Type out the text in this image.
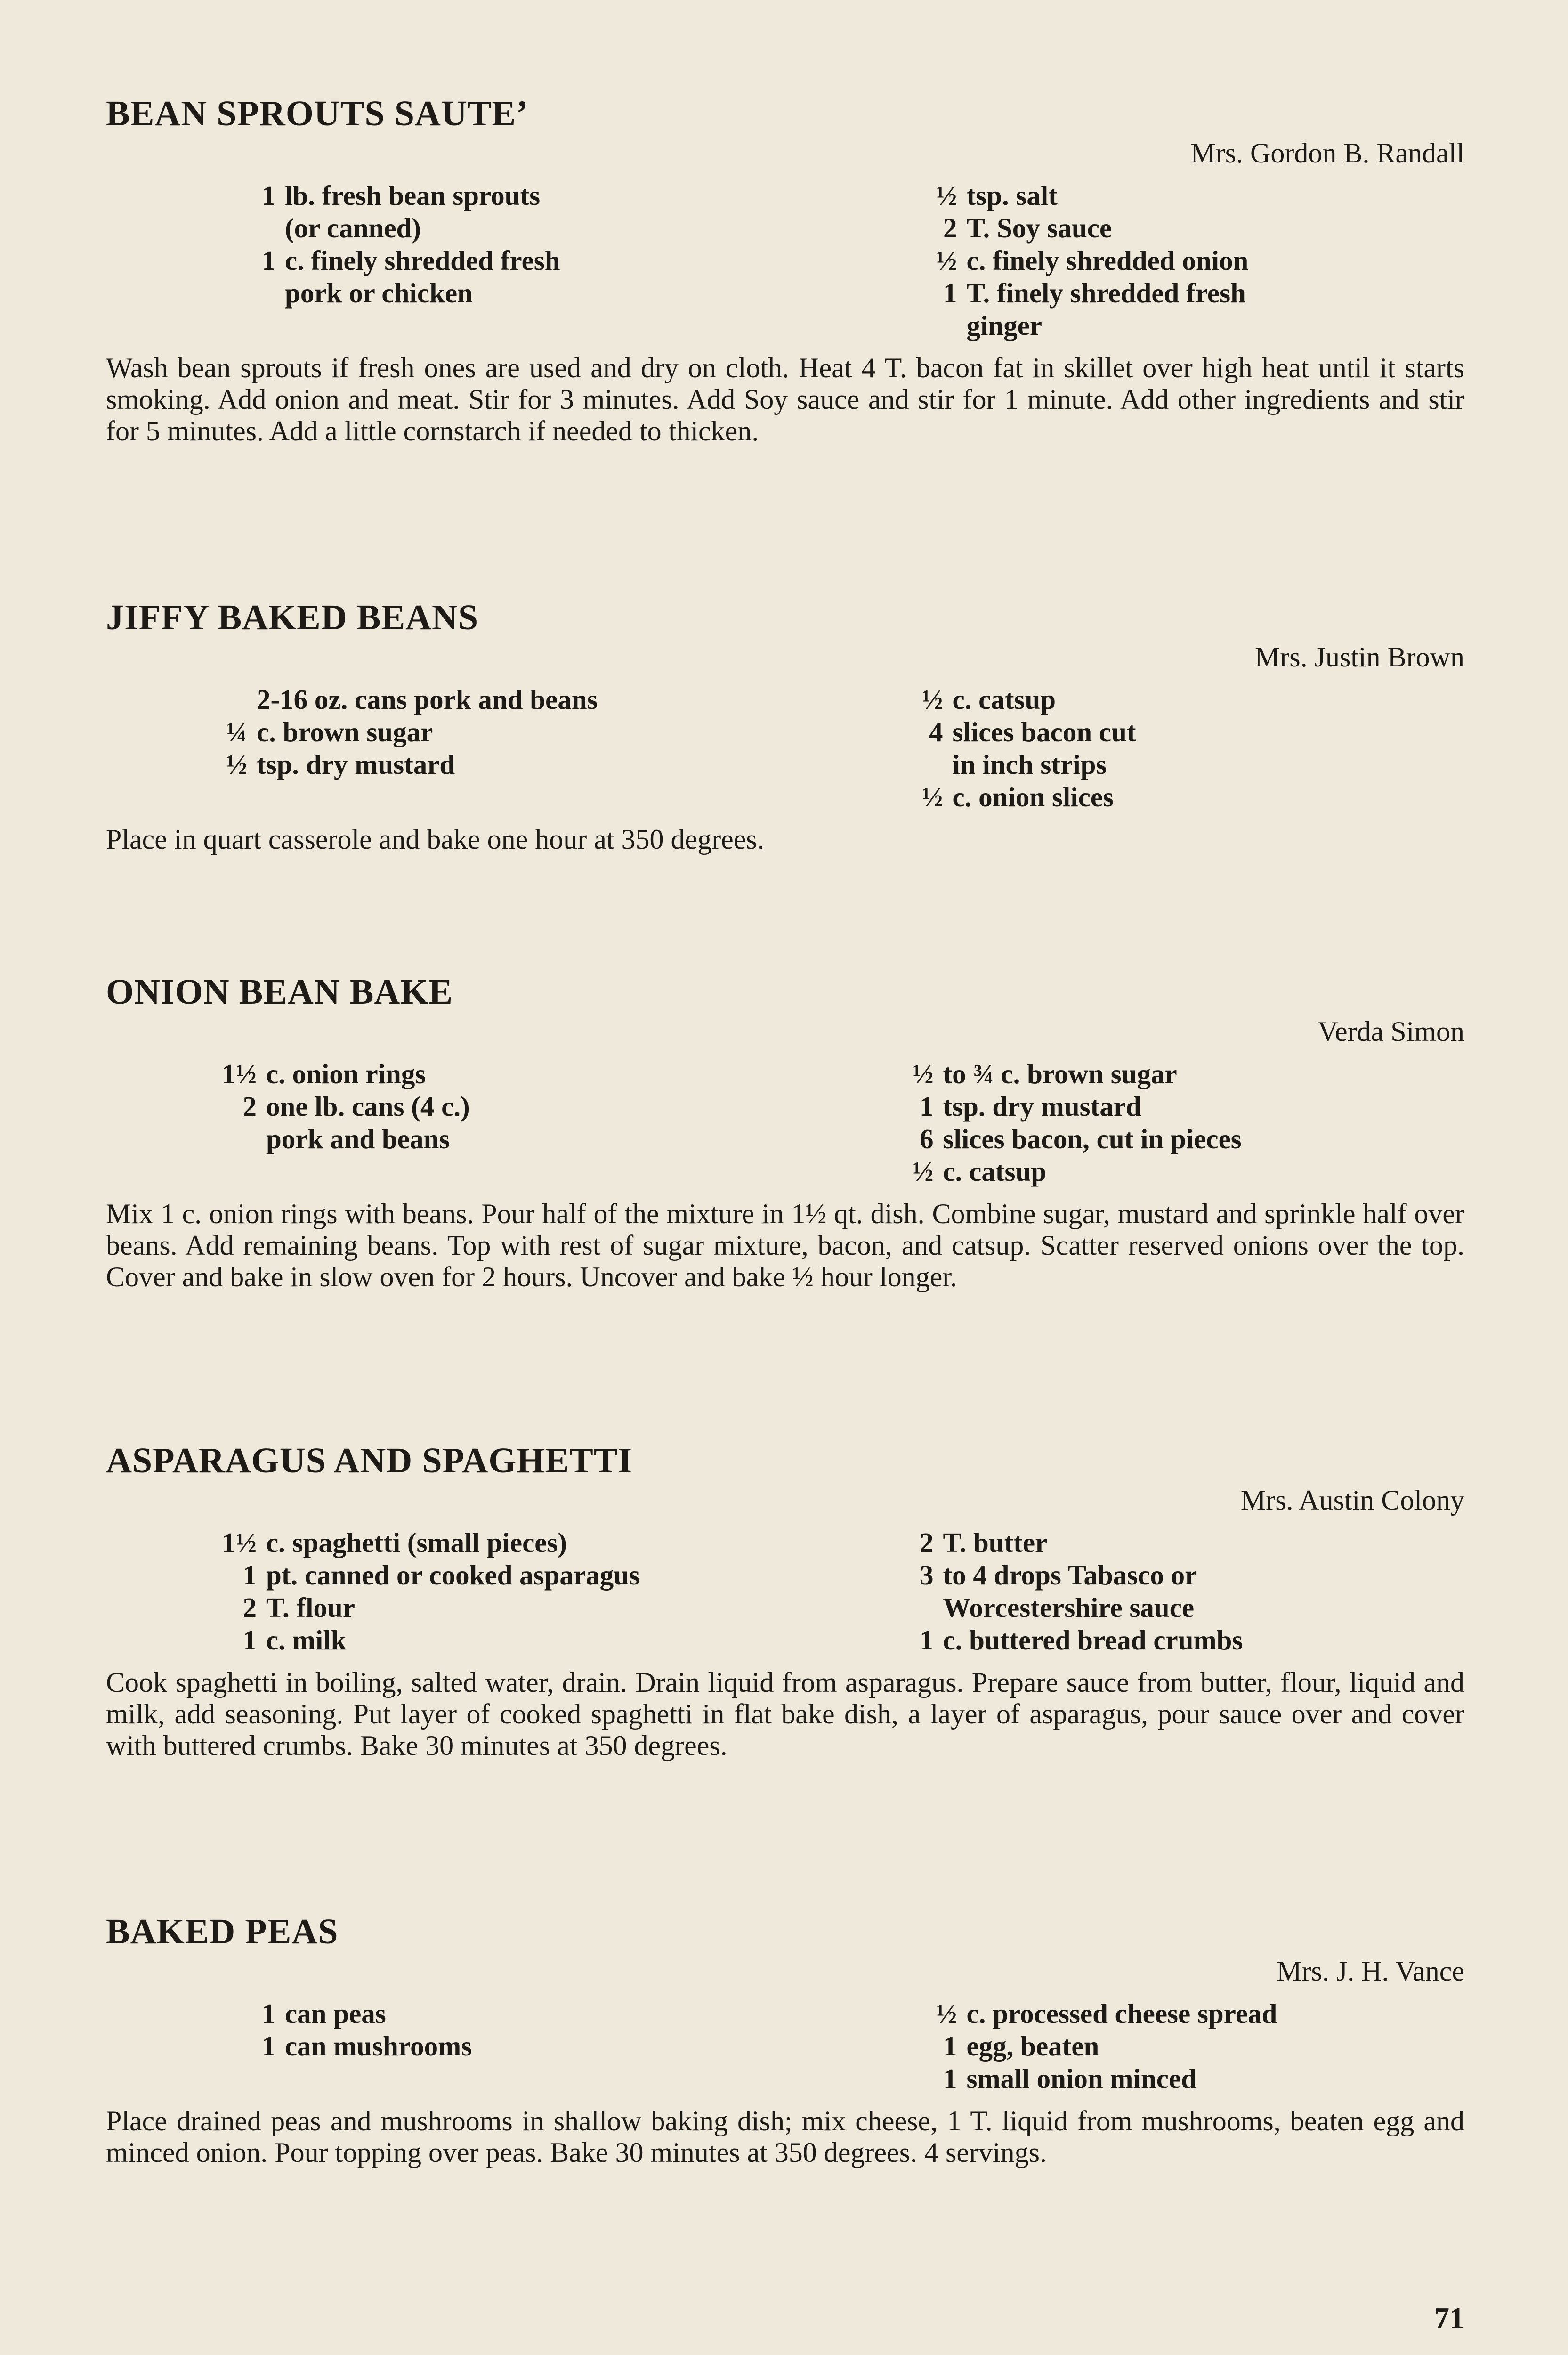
BEAN SPROUTS SAUTE’
Mrs. Gordon B. Randall
1 lb. fresh bean sprouts
(or canned)
1 c. finely shredded fresh
pork or chicken
½ tsp. salt
2 T. Soy sauce
½ c. finely shredded onion
1 T. finely shredded fresh
ginger

Wash bean sprouts if fresh ones are used and dry on cloth. Heat 4 T. bacon fat in skillet over high heat until it starts smoking. Add onion and meat. Stir for 3 minutes. Add Soy sauce and stir for 1 minute. Add other ingredients and stir for 5 minutes. Add a little cornstarch if needed to thicken.

JIFFY BAKED BEANS
Mrs. Justin Brown
2-16 oz. cans pork and beans
¼ c. brown sugar
½ tsp. dry mustard
½ c. catsup
4 slices bacon cut
in inch strips
½ c. onion slices

Place in quart casserole and bake one hour at 350 degrees.

ONION BEAN BAKE
Verda Simon
1½ c. onion rings
2 one lb. cans (4 c.)
pork and beans
½ to ¾ c. brown sugar
1 tsp. dry mustard
6 slices bacon, cut in pieces
½ c. catsup

Mix 1 c. onion rings with beans. Pour half of the mixture in 1½ qt. dish. Combine sugar, mustard and sprinkle half over beans. Add remaining beans. Top with rest of sugar mixture, bacon, and catsup. Scatter reserved onions over the top. Cover and bake in slow oven for 2 hours. Uncover and bake ½ hour longer.

ASPARAGUS AND SPAGHETTI
Mrs. Austin Colony
1½ c. spaghetti (small pieces)
1 pt. canned or cooked asparagus
2 T. flour
1 c. milk
2 T. butter
3 to 4 drops Tabasco or
Worcestershire sauce
1 c. buttered bread crumbs

Cook spaghetti in boiling, salted water, drain. Drain liquid from asparagus. Prepare sauce from butter, flour, liquid and milk, add seasoning. Put layer of cooked spaghetti in flat bake dish, a layer of asparagus, pour sauce over and cover with buttered crumbs. Bake 30 minutes at 350 degrees.

BAKED PEAS
Mrs. J. H. Vance
1 can peas
1 can mushrooms
½ c. processed cheese spread
1 egg, beaten
1 small onion minced

Place drained peas and mushrooms in shallow baking dish; mix cheese, 1 T. liquid from mushrooms, beaten egg and minced onion. Pour topping over peas. Bake 30 minutes at 350 degrees. 4 servings.

71
